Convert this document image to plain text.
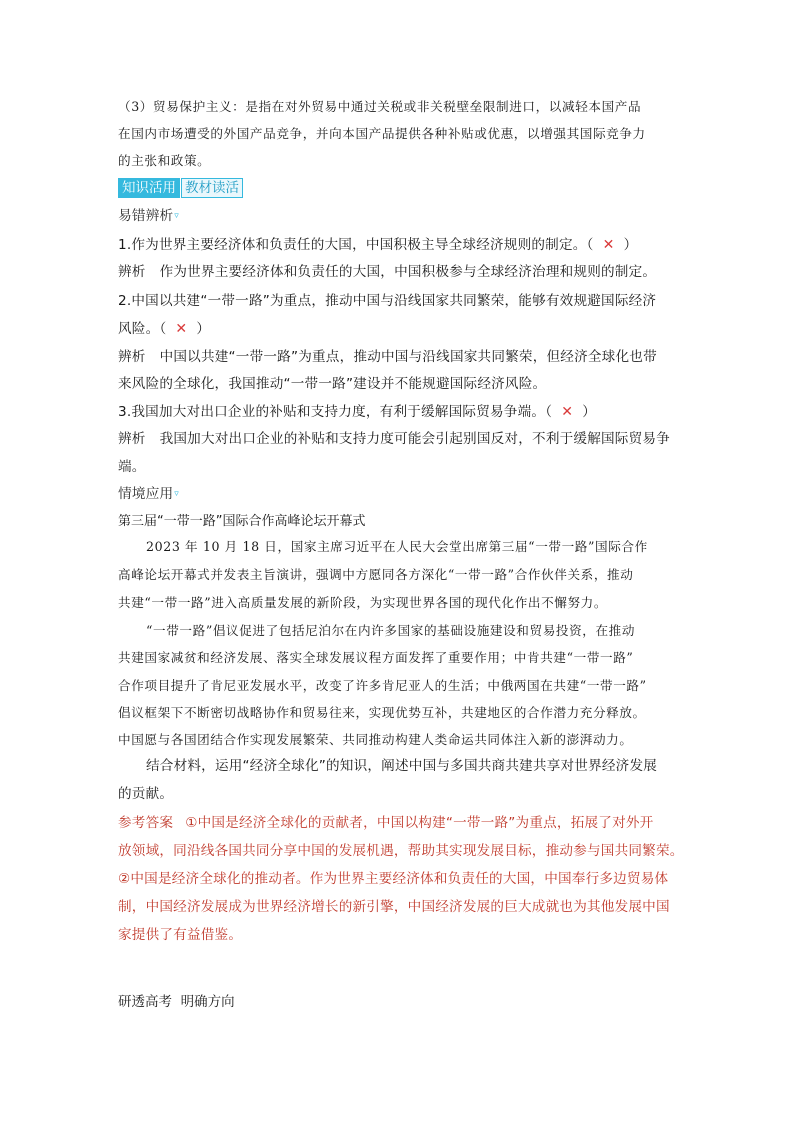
（3）贸易保护主义：是指在对外贸易中通过关税或非关税壁垒限制进口，以减轻本国产品
在国内市场遭受的外国产品竞争，并向本国产品提供各种补贴或优惠，以增强其国际竞争力
的主张和政策。
知识活用 教材读活
易错辨析▿
1.作为世界主要经济体和负责任的大国，中国积极主导全球经济规则的制定。（ ✕ ）
辨析 作为世界主要经济体和负责任的大国，中国积极参与全球经济治理和规则的制定。
2.中国以共建“一带一路”为重点，推动中国与沿线国家共同繁荣，能够有效规避国际经济
风险。（ ✕ ）
辨析 中国以共建“一带一路”为重点，推动中国与沿线国家共同繁荣，但经济全球化也带
来风险的全球化，我国推动“一带一路”建设并不能规避国际经济风险。
3.我国加大对出口企业的补贴和支持力度，有利于缓解国际贸易争端。（ ✕ ）
辨析 我国加大对出口企业的补贴和支持力度可能会引起别国反对，不利于缓解国际贸易争
端。
情境应用▿
第三届“一带一路”国际合作高峰论坛开幕式
2023 年 10 月 18 日，国家主席习近平在人民大会堂出席第三届“一带一路”国际合作
高峰论坛开幕式并发表主旨演讲，强调中方愿同各方深化“一带一路”合作伙伴关系，推动
共建“一带一路”进入高质量发展的新阶段，为实现世界各国的现代化作出不懈努力。
“一带一路”倡议促进了包括尼泊尔在内许多国家的基础设施建设和贸易投资，在推动
共建国家减贫和经济发展、落实全球发展议程方面发挥了重要作用；中肯共建“一带一路”
合作项目提升了肯尼亚发展水平，改变了许多肯尼亚人的生活；中俄两国在共建“一带一路”
倡议框架下不断密切战略协作和贸易往来，实现优势互补，共建地区的合作潜力充分释放。
中国愿与各国团结合作实现发展繁荣、共同推动构建人类命运共同体注入新的澎湃动力。
结合材料，运用“经济全球化”的知识，阐述中国与多国共商共建共享对世界经济发展
的贡献。
参考答案 ①中国是经济全球化的贡献者，中国以构建“一带一路”为重点，拓展了对外开
放领域，同沿线各国共同分享中国的发展机遇，帮助其实现发展目标，推动参与国共同繁荣。
②中国是经济全球化的推动者。作为世界主要经济体和负责任的大国，中国奉行多边贸易体
制，中国经济发展成为世界经济增长的新引擎，中国经济发展的巨大成就也为其他发展中国
家提供了有益借鉴。
研透高考  明确方向
